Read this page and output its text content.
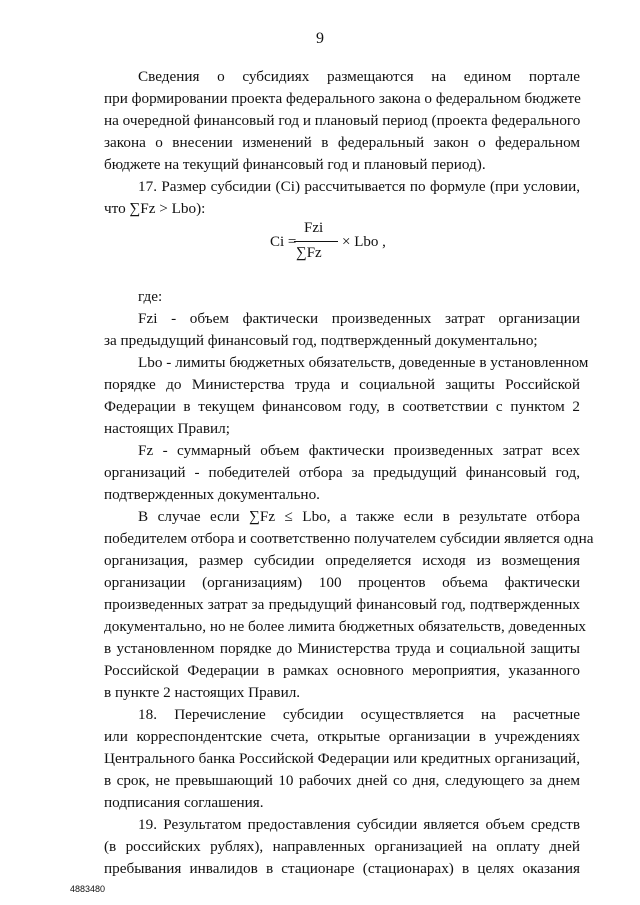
9
Сведения о субсидиях размещаются на едином портале
при формировании проекта федерального закона о федеральном бюджете
на очередной финансовый год и плановый период (проекта федерального
закона о внесении изменений в федеральный закон о федеральном
бюджете на текущий финансовый год и плановый период).
17. Размер субсидии (Ci) рассчитывается по формуле (при условии,
что ∑Fz > Lbo):
Ci =
Fzi
∑Fz
× Lbo ,
где:
Fzi - объем фактически произведенных затрат организации
за предыдущий финансовый год, подтвержденный документально;
Lbo - лимиты бюджетных обязательств, доведенные в установленном
порядке до Министерства труда и социальной защиты Российской
Федерации в текущем финансовом году, в соответствии с пунктом 2
настоящих Правил;
Fz - суммарный объем фактически произведенных затрат всех
организаций - победителей отбора за предыдущий финансовый год,
подтвержденных документально.
В случае если ∑Fz ≤ Lbo, а также если в результате отбора
победителем отбора и соответственно получателем субсидии является одна
организация, размер субсидии определяется исходя из возмещения
организации (организациям) 100 процентов объема фактически
произведенных затрат за предыдущий финансовый год, подтвержденных
документально, но не более лимита бюджетных обязательств, доведенных
в установленном порядке до Министерства труда и социальной защиты
Российской Федерации в рамках основного мероприятия, указанного
в пункте 2 настоящих Правил.
18. Перечисление субсидии осуществляется на расчетные
или корреспондентские счета, открытые организации в учреждениях
Центрального банка Российской Федерации или кредитных организаций,
в срок, не превышающий 10 рабочих дней со дня, следующего за днем
подписания соглашения.
19. Результатом предоставления субсидии является объем средств
(в российских рублях), направленных организацией на оплату дней
пребывания инвалидов в стационаре (стационарах) в целях оказания
4883480
